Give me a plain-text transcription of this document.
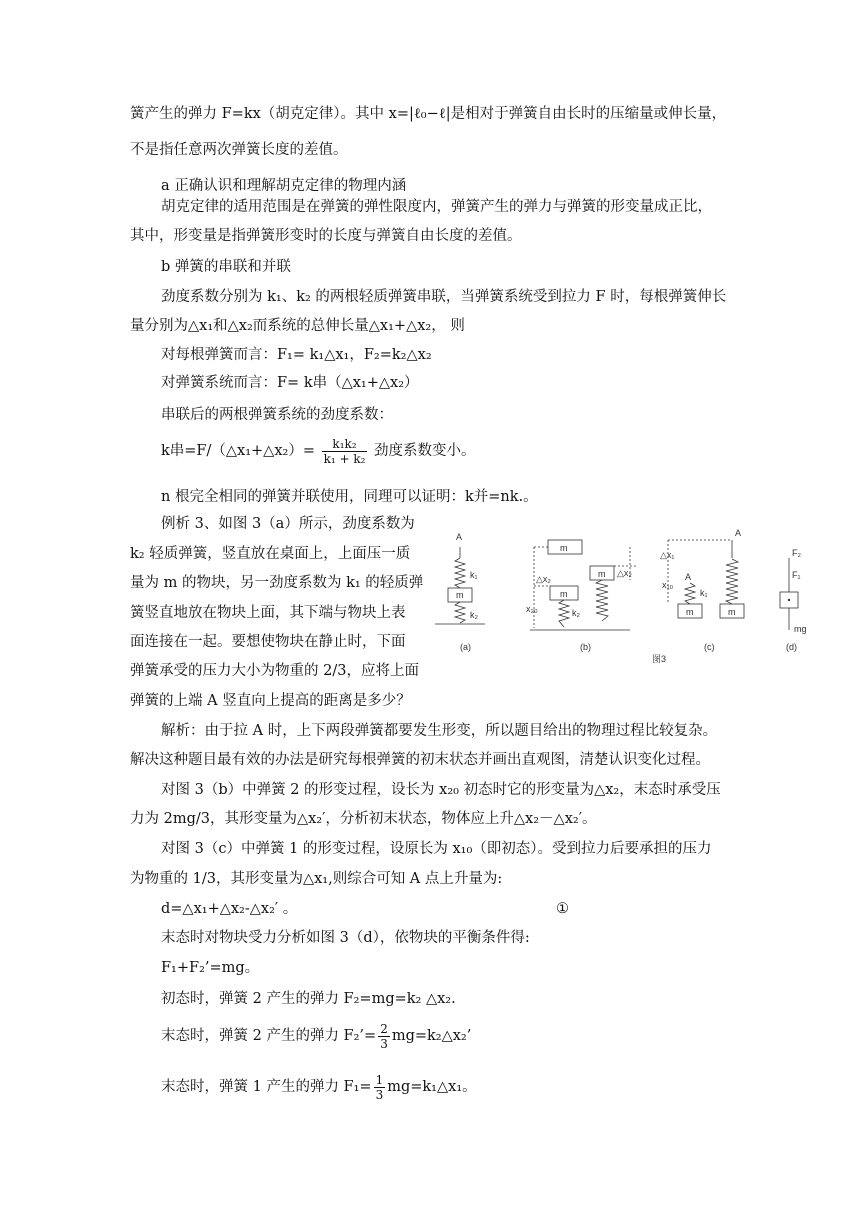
簧产生的弹力 F=kx（胡克定律）。其中 x=|ℓ₀−ℓ|是相对于弹簧自由长时的压缩量或伸长量，
不是指任意两次弹簧长度的差值。
a 正确认识和理解胡克定律的物理内涵
胡克定律的适用范围是在弹簧的弹性限度内，弹簧产生的弹力与弹簧的形变量成正比，
其中，形变量是指弹簧形变时的长度与弹簧自由长度的差值。
b 弹簧的串联和并联
劲度系数分别为 k₁、k₂ 的两根轻质弹簧串联，当弹簧系统受到拉力 F 时，每根弹簧伸长
量分别为△x₁和△x₂而系统的总伸长量△x₁+△x₂， 则
对每根弹簧而言：F₁= k₁△x₁，F₂=k₂△x₂
对弹簧系统而言：F= k串（△x₁+△x₂）
串联后的两根弹簧系统的劲度系数：
k串=F/（△x₁+△x₂）= $\frac{\text{k₁k₂}}{\text{k₁ + k₂}}$ 劲度系数变小。
n 根完全相同的弹簧并联使用，同理可以证明：k并=nk.。
例析 3、如图 3（a）所示，劲度系数为
k₂ 轻质弹簧，竖直放在桌面上，上面压一质
量为 m 的物块，另一劲度系数为 k₁ 的轻质弹
簧竖直地放在物块上面，其下端与物块上表
面连接在一起。要想使物块在静止时，下面
弹簧承受的压力大小为物重的 2/3，应将上面
弹簧的上端 A 竖直向上提高的距离是多少？
A
k₁
m
k₂
m
m
m
k₂
△x₂
x₂₀
△x₂
△x₁
x₁₀
A
k₁
m	m
A
F₂
F₁
mg
(a)	(b)	(c)	(d)
图3
解析：由于拉 A 时，上下两段弹簧都要发生形变，所以题目给出的物理过程比较复杂。
解决这种题目最有效的办法是研究每根弹簧的初末状态并画出直观图，清楚认识变化过程。
对图 3（b）中弹簧 2 的形变过程，设长为 x₂₀ 初态时它的形变量为△x₂，末态时承受压
力为 2mg/3，其形变量为△x₂′，分析初末状态，物体应上升△x₂－△x₂′。
对图 3（c）中弹簧 1 的形变过程，设原长为 x₁₀（即初态）。受到拉力后要承担的压力
为物重的 1/3，其形变量为△x₁,则综合可知 A 点上升量为:
d=△x₁+△x₂-△x₂′ 。	①
末态时对物块受力分析如图 3（d），依物块的平衡条件得:
F₁+F₂’=mg。
初态时，弹簧 2 产生的弹力 F₂=mg=k₂ △x₂.
末态时，弹簧 2 产生的弹力 F₂’= $\frac{2}{3}$ mg=k₂△x₂’
末态时，弹簧 1 产生的弹力 $F_1= \frac{1}{3}$ mg=k₁△x₁。
